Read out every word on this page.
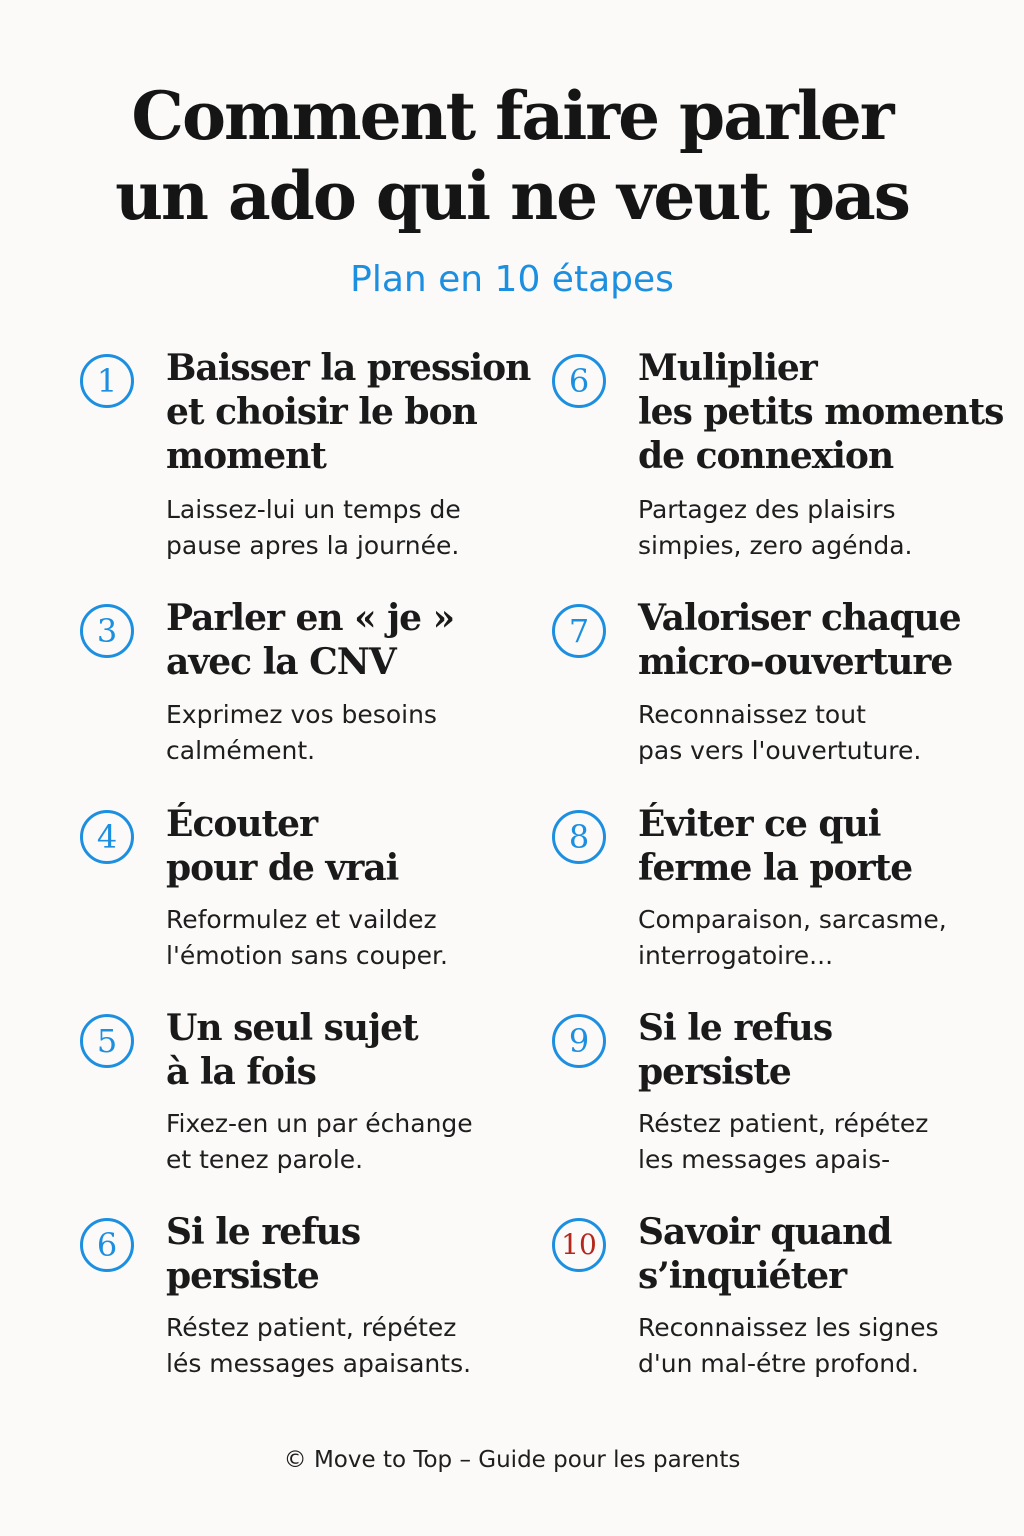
Comment faire parler
un ado qui ne veut pas

Plan en 10 étapes

1	Baisser la pression
et choisir le bon
moment

Laissez-lui un temps de
pause apres la journée.

3	Parler en « je »
avec la CNV

Exprimez vos besoins
calmément.

4	Écouter
pour de vrai

Reformulez et vaildez
l'émotion sans couper.

5	Un seul sujet
à la fois

Fixez-en un par échange
et tenez parole.

6	Si le refus
persiste

Réstez patient, répétez
lés messages apaisants.

6	Muliplier
les petits moments
de connexion

Partagez des plaisirs
simpies, zero agénda.

7	Valoriser chaque
micro-ouverture

Reconnaissez tout
pas vers l'ouvertuture.

8	Éviter ce qui
ferme la porte

Comparaison, sarcasme,
interrogatoire...

9	Si le refus
persiste

Réstez patient, répétez
les messages apais-

10 Savoir quand
s’inquiéter

Reconnaissez les signes
d'un mal-étre profond.

© Move to Top – Guide pour les parents
